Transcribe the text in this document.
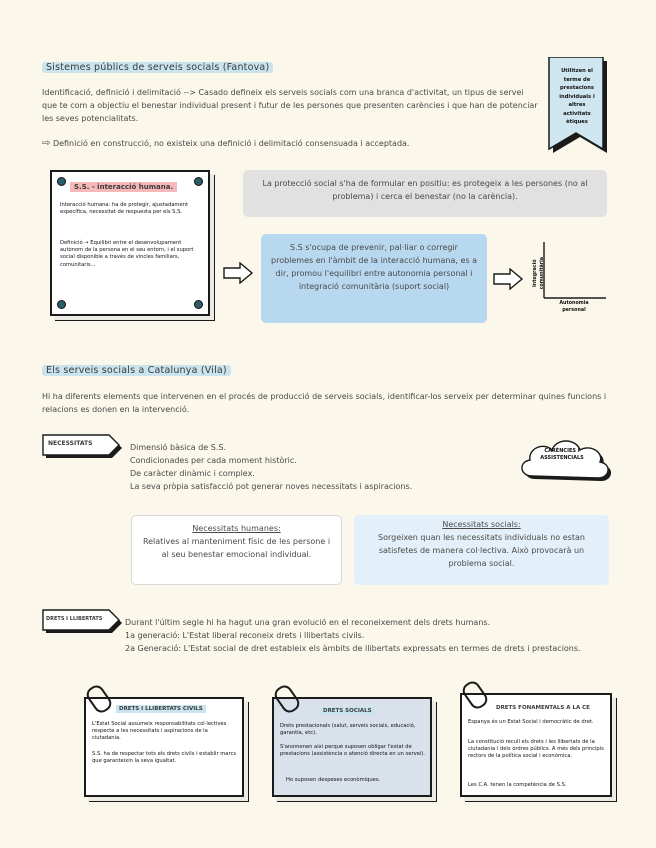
Sistemes públics de serveis socials (Fantova)
Identificació, definició i delimitació --> Casado defineix els serveis socials com una branca d'activitat, un tipus de servei que te com a objectiu el benestar individual present i futur de les persones que presenten carències i que han de potenciar les seves potencialitats.
⇨ Definició en construcció, no existeix una definició i delimitació consensuada i acceptada.
Utilitzen el terme de prestacions individuals i altres activitats ètiques
S.S. - interacció humana.
Interacció humana: ha de protegir, ajustadament específica, necessitat de respuesta per els S.S.
Definició → Equilibri entre el desenvolupament autònom de la persona en el seu entorn, i el suport social disponible a través de vincles familiars, comunitaris...
La protecció social s'ha de formular en positiu: es protegeix a les persones (no al problema) i cerca el benestar (no la carència).
S.S s'ocupa de prevenir, pal·liar o corregir problemes en l'àmbit de la interacció humana, es a dir, promou l'equilibri entre autonomia personal i integració comunitària (suport social)	Integració comunitària
Autonomia personal
Els serveis socials a Catalunya (Vila)
Hi ha diferents elements que intervenen en el procés de producció de serveis socials, identificar-los serveix per determinar quines funcions i relacions es donen en la intervenció.
NECESSITATS	Dimensió bàsica de S.S.
Condicionades per cada moment històric.
De caràcter dinàmic i complex.
La seva pròpia satisfacció pot generar noves necessitats i aspiracions.
CARÈNCIES I ASSISTENCIALS
Necessitats humanes:
Relatives al manteniment físic de les persone i al seu benestar emocional individual.
Necessitats socials:
Sorgeixen quan les necessitats individuals no estan satisfetes de manera col·lectiva. Això provocarà un problema social.
DRETS I LLIBERTATS	Durant l'últim segle hi ha hagut una gran evolució en el reconeixement dels drets humans.
1a generació: L'Estat liberal reconeix drets i llibertats civils.
2a Generació: L'Estat social de dret estableix els àmbits de llibertats expressats en termes de drets i prestacions.
DRETS I LLIBERTATS CIVILS
L'Estat Social assumeix responsabilitats col·lectives respecte a les necessitats i aspiracions de la ciutadania.
S.S. ha de respectar tots els drets civils i establir marcs que garanteixin la seva igualtat.
DRETS SOCIALS
Drets prestacionals (salut, serveis socials, educació, garantia, etc).
S'anomenen així perquè suposen obligar l'estat de prestacions (assistència o atenció directa en un servei).
Ho suposen despeses econòmiques.
DRETS FONAMENTALS A LA CE
Espanya és un Estat Social i democràtic de dret.
La constitució recull els drets i les llibertats de la ciutadania i dels ordres públics. A més dels principis rectors de la política social i econòmica.
Les C.A. tenen la competència de S.S.
